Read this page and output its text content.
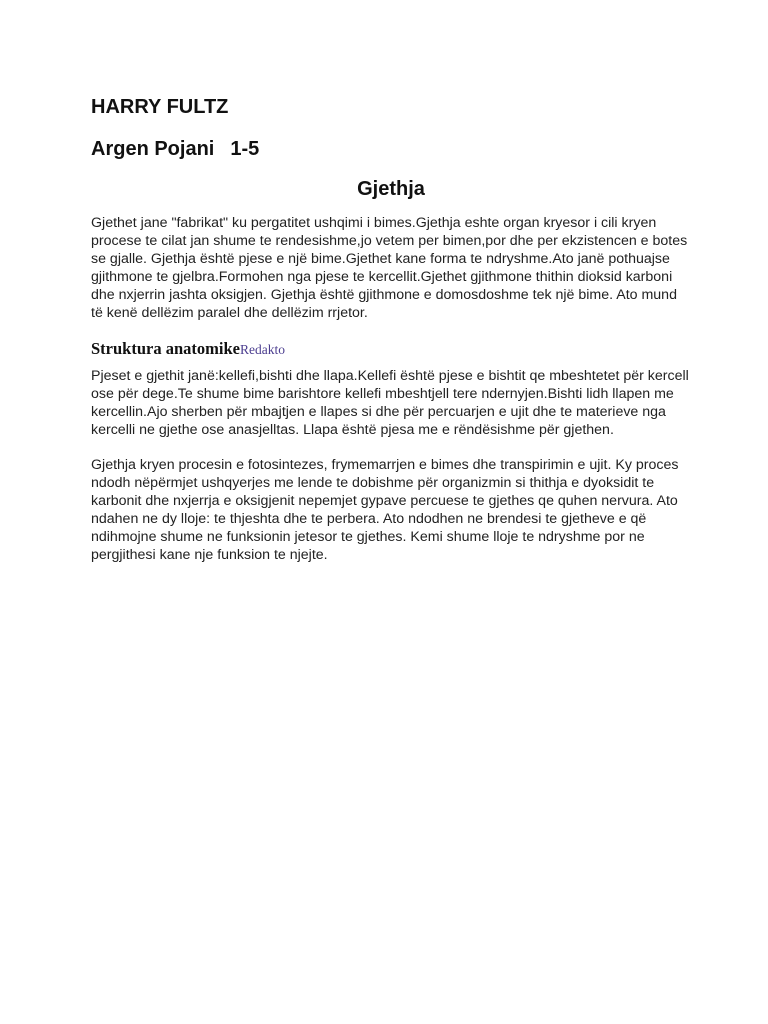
HARRY FULTZ
Argen Pojani 1-5
Gjethja

Gjethet jane "fabrikat" ku pergatitet ushqimi i bimes.Gjethja eshte organ kryesor i cili kryen procese te cilat jan shume te rendesishme,jo vetem per bimen,por dhe per ekzistencen e botes se gjalle. Gjethja është pjese e një bime.Gjethet kane forma te ndryshme.Ato janë pothuajse gjithmone te gjelbra.Formohen nga pjese te kercellit.Gjethet gjithmone thithin dioksid karboni dhe nxjerrin jashta oksigjen. Gjethja është gjithmone e domosdoshme tek një bime. Ato mund të kenë dellëzim paralel dhe dellëzim rrjetor.

Struktura anatomikeRedakto

Pjeset e gjethit janë:kellefi,bishti dhe llapa.Kellefi është pjese e bishtit qe mbeshtetet për kercell ose për dege.Te shume bime barishtore kellefi mbeshtjell tere ndernyjen.Bishti lidh llapen me kercellin.Ajo sherben për mbajtjen e llapes si dhe për percuarjen e ujit dhe te materieve nga kercelli ne gjethe ose anasjelltas. Llapa është pjesa me e rëndësishme për gjethen.

Gjethja kryen procesin e fotosintezes, frymemarrjen e bimes dhe transpirimin e ujit. Ky proces ndodh nëpërmjet ushqyerjes me lende te dobishme për organizmin si thithja e dyoksidit te karbonit dhe nxjerrja e oksigjenit nepemjet gypave percuese te gjethes qe quhen nervura. Ato ndahen ne dy lloje: te thjeshta dhe te perbera. Ato ndodhen ne brendesi te gjetheve e që ndihmojne shume ne funksionin jetesor te gjethes. Kemi shume lloje te ndryshme por ne pergjithesi kane nje funksion te njejte.
